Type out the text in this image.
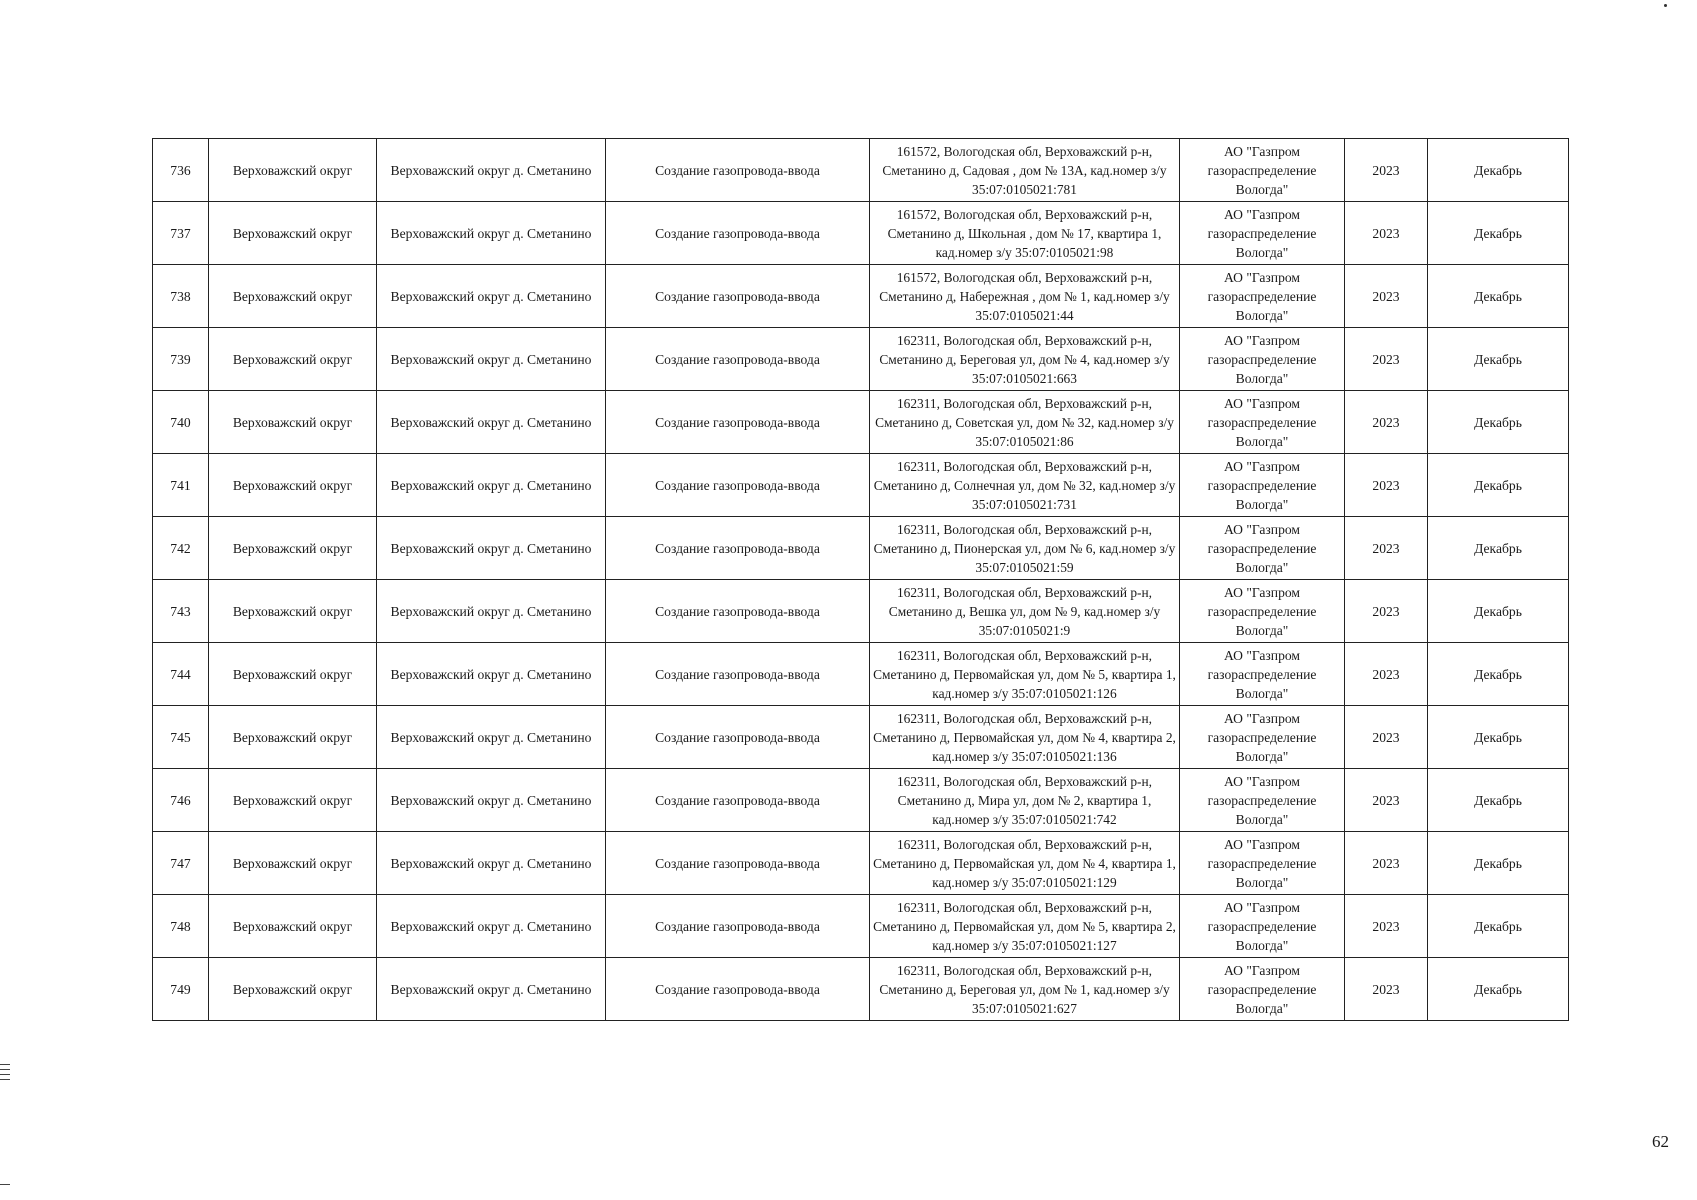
736	Верховажский округ	Верховажский округ д. Сметанино	Создание газопровода-ввода	161572, Вологодская обл, Верховажский р-н, Сметанино д, Садовая , дом № 13А, кад.номер з/у 35:07:0105021:781	АО "Газпром газораспределение Вологда"	2023	Декабрь
737	Верховажский округ	Верховажский округ д. Сметанино	Создание газопровода-ввода	161572, Вологодская обл, Верховажский р-н, Сметанино д, Школьная , дом № 17, квартира 1, кад.номер з/у 35:07:0105021:98	АО "Газпром газораспределение Вологда"	2023	Декабрь
738	Верховажский округ	Верховажский округ д. Сметанино	Создание газопровода-ввода	161572, Вологодская обл, Верховажский р-н, Сметанино д, Набережная , дом № 1, кад.номер з/у 35:07:0105021:44	АО "Газпром газораспределение Вологда"	2023	Декабрь
739	Верховажский округ	Верховажский округ д. Сметанино	Создание газопровода-ввода	162311, Вологодская обл, Верховажский р-н, Сметанино д, Береговая ул, дом № 4, кад.номер з/у 35:07:0105021:663	АО "Газпром газораспределение Вологда"	2023	Декабрь
740	Верховажский округ	Верховажский округ д. Сметанино	Создание газопровода-ввода	162311, Вологодская обл, Верховажский р-н, Сметанино д, Советская ул, дом № 32, кад.номер з/у 35:07:0105021:86	АО "Газпром газораспределение Вологда"	2023	Декабрь
741	Верховажский округ	Верховажский округ д. Сметанино	Создание газопровода-ввода	162311, Вологодская обл, Верховажский р-н, Сметанино д, Солнечная ул, дом № 32, кад.номер з/у 35:07:0105021:731	АО "Газпром газораспределение Вологда"	2023	Декабрь
742	Верховажский округ	Верховажский округ д. Сметанино	Создание газопровода-ввода	162311, Вологодская обл, Верховажский р-н, Сметанино д, Пионерская ул, дом № 6, кад.номер з/у 35:07:0105021:59	АО "Газпром газораспределение Вологда"	2023	Декабрь
743	Верховажский округ	Верховажский округ д. Сметанино	Создание газопровода-ввода	162311, Вологодская обл, Верховажский р-н, Сметанино д, Вешка ул, дом № 9, кад.номер з/у 35:07:0105021:9	АО "Газпром газораспределение Вологда"	2023	Декабрь
744	Верховажский округ	Верховажский округ д. Сметанино	Создание газопровода-ввода	162311, Вологодская обл, Верховажский р-н, Сметанино д, Первомайская ул, дом № 5, квартира 1, кад.номер з/у 35:07:0105021:126	АО "Газпром газораспределение Вологда"	2023	Декабрь
745	Верховажский округ	Верховажский округ д. Сметанино	Создание газопровода-ввода	162311, Вологодская обл, Верховажский р-н, Сметанино д, Первомайская ул, дом № 4, квартира 2, кад.номер з/у 35:07:0105021:136	АО "Газпром газораспределение Вологда"	2023	Декабрь
746	Верховажский округ	Верховажский округ д. Сметанино	Создание газопровода-ввода	162311, Вологодская обл, Верховажский р-н, Сметанино д, Мира ул, дом № 2, квартира 1, кад.номер з/у 35:07:0105021:742	АО "Газпром газораспределение Вологда"	2023	Декабрь
747	Верховажский округ	Верховажский округ д. Сметанино	Создание газопровода-ввода	162311, Вологодская обл, Верховажский р-н, Сметанино д, Первомайская ул, дом № 4, квартира 1, кад.номер з/у 35:07:0105021:129	АО "Газпром газораспределение Вологда"	2023	Декабрь
748	Верховажский округ	Верховажский округ д. Сметанино	Создание газопровода-ввода	162311, Вологодская обл, Верховажский р-н, Сметанино д, Первомайская ул, дом № 5, квартира 2, кад.номер з/у 35:07:0105021:127	АО "Газпром газораспределение Вологда"	2023	Декабрь
749	Верховажский округ	Верховажский округ д. Сметанино	Создание газопровода-ввода	162311, Вологодская обл, Верховажский р-н, Сметанино д, Береговая ул, дом № 1, кад.номер з/у 35:07:0105021:627	АО "Газпром газораспределение Вологда"	2023	Декабрь
62
